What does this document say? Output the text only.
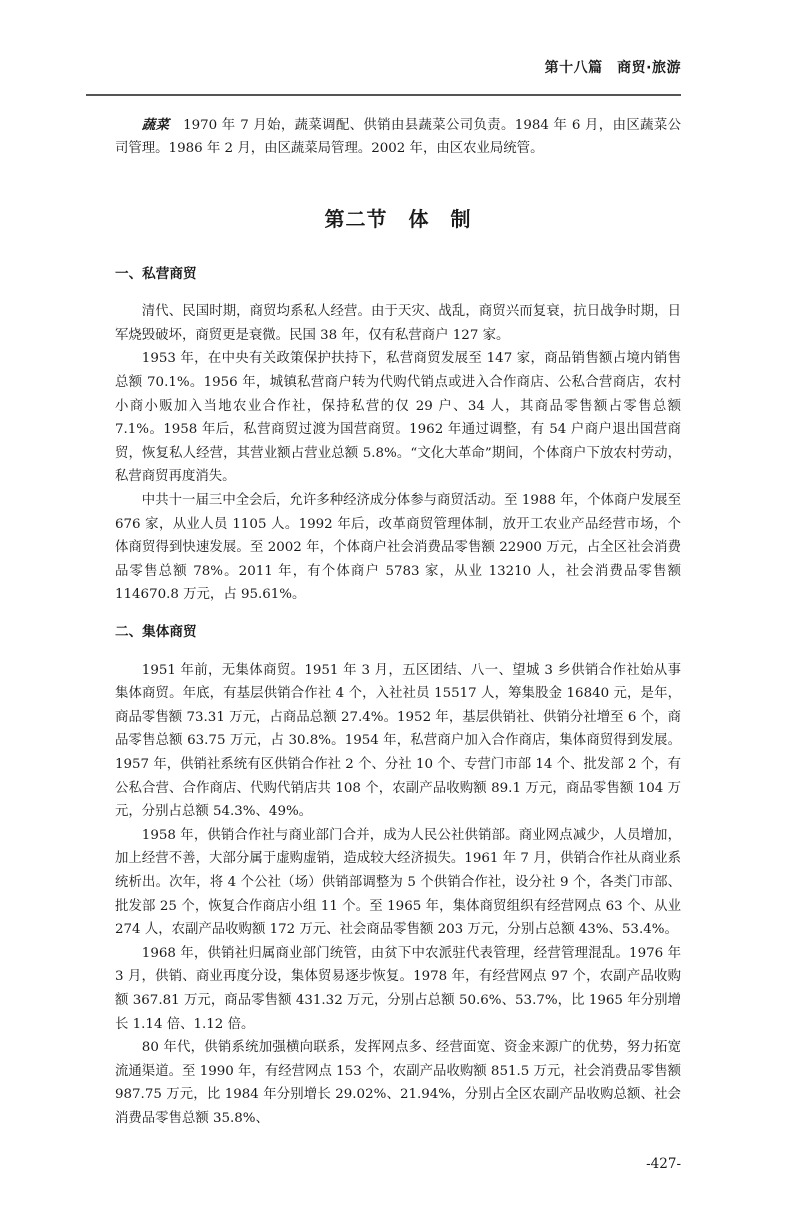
第十八篇　商贸·旅游

蔬菜　 1970 年 7 月始，蔬菜调配、供销由县蔬菜公司负责。1984 年 6 月，由区蔬菜公司管理。1986 年 2 月，由区蔬菜局管理。2002 年，由区农业局统管。

第二节　体　制
一、私营商贸

清代、民国时期，商贸均系私人经营。由于天灾、战乱，商贸兴而复衰，抗日战争时期，日军烧毁破坏，商贸更是衰微。民国 38 年，仅有私营商户 127 家。

1953 年，在中央有关政策保护扶持下，私营商贸发展至 147 家，商品销售额占境内销售总额 70.1%。1956 年，城镇私营商户转为代购代销点或进入合作商店、公私合营商店，农村小商小贩加入当地农业合作社，保持私营的仅 29 户、34 人，其商品零售额占零售总额 7.1%。1958 年后，私营商贸过渡为国营商贸。1962 年通过调整，有 54 户商户退出国营商贸，恢复私人经营，其营业额占营业总额 5.8%。“文化大革命”期间，个体商户下放农村劳动，私营商贸再度消失。

中共十一届三中全会后，允许多种经济成分体参与商贸活动。至 1988 年，个体商户发展至 676 家，从业人员 1105 人。1992 年后，改革商贸管理体制，放开工农业产品经营市场，个体商贸得到快速发展。至 2002 年，个体商户社会消费品零售额 22900 万元，占全区社会消费品零售总额 78%。2011 年，有个体商户 5783 家，从业 13210 人，社会消费品零售额 114670.8 万元，占 95.61%。

二、集体商贸

1951 年前，无集体商贸。1951 年 3 月，五区团结、八一、望城 3 乡供销合作社始从事集体商贸。年底，有基层供销合作社 4 个，入社社员 15517 人，筹集股金 16840 元，是年，商品零售额 73.31 万元，占商品总额 27.4%。1952 年，基层供销社、供销分社增至 6 个，商品零售总额 63.75 万元，占 30.8%。1954 年，私营商户加入合作商店，集体商贸得到发展。1957 年，供销社系统有区供销合作社 2 个、分社 10 个、专营门市部 14 个、批发部 2 个，有公私合营、合作商店、代购代销店共 108 个，农副产品收购额 89.1 万元，商品零售额 104 万元，分别占总额 54.3%、49%。

1958 年，供销合作社与商业部门合并，成为人民公社供销部。商业网点减少，人员增加，加上经营不善，大部分属于虚购虚销，造成较大经济损失。1961 年 7 月，供销合作社从商业系统析出。次年，将 4 个公社（场）供销部调整为 5 个供销合作社，设分社 9 个，各类门市部、批发部 25 个，恢复合作商店小组 11 个。至 1965 年，集体商贸组织有经营网点 63 个、从业 274 人，农副产品收购额 172 万元、社会商品零售额 203 万元，分别占总额 43%、53.4%。

1968 年，供销社归属商业部门统管，由贫下中农派驻代表管理，经营管理混乱。1976 年 3 月，供销、商业再度分设，集体贸易逐步恢复。1978 年，有经营网点 97 个，农副产品收购额 367.81 万元，商品零售额 431.32 万元，分别占总额 50.6%、53.7%，比 1965 年分别增长 1.14 倍、1.12 倍。

80 年代，供销系统加强横向联系，发挥网点多、经营面宽、资金来源广的优势，努力拓宽流通渠道。至 1990 年，有经营网点 153 个，农副产品收购额 851.5 万元，社会消费品零售额 987.75 万元，比 1984 年分别增长 29.02%、21.94%，分别占全区农副产品收购总额、社会消费品零售总额 35.8%、

-427-
